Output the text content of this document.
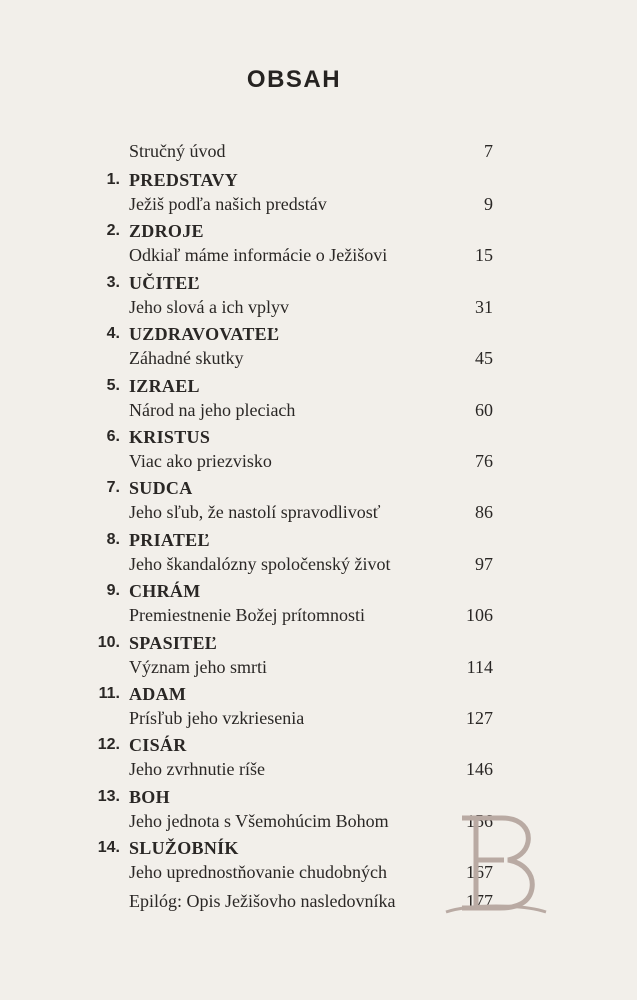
OBSAH
Stručný úvod	7
1. PREDSTAVY
Ježiš podľa našich predstáv	9
2. ZDROJE
Odkiaľ máme informácie o Ježišovi	15
3. UČITEĽ
Jeho slová a ich vplyv	31
4. UZDRAVOVATEĽ
Záhadné skutky	45
5. IZRAEL
Národ na jeho pleciach	60
6. KRISTUS
Viac ako priezvisko	76
7. SUDCA
Jeho sľub, že nastolí spravodlivosť	86
8. PRIATEĽ
Jeho škandalózny spoločenský život	97
9. CHRÁM
Premiestnenie Božej prítomnosti	106
10. SPASITEĽ
Význam jeho smrti	114
11. ADAM
Prísľub jeho vzkriesenia	127
12. CISÁR
Jeho zvrhnutie ríše	146
13. BOH
Jeho jednota s Všemohúcim Bohom	156
14. SLUŽOBNÍK
Jeho uprednostňovanie chudobných	167
Epilóg: Opis Ježišovho nasledovníka	177
